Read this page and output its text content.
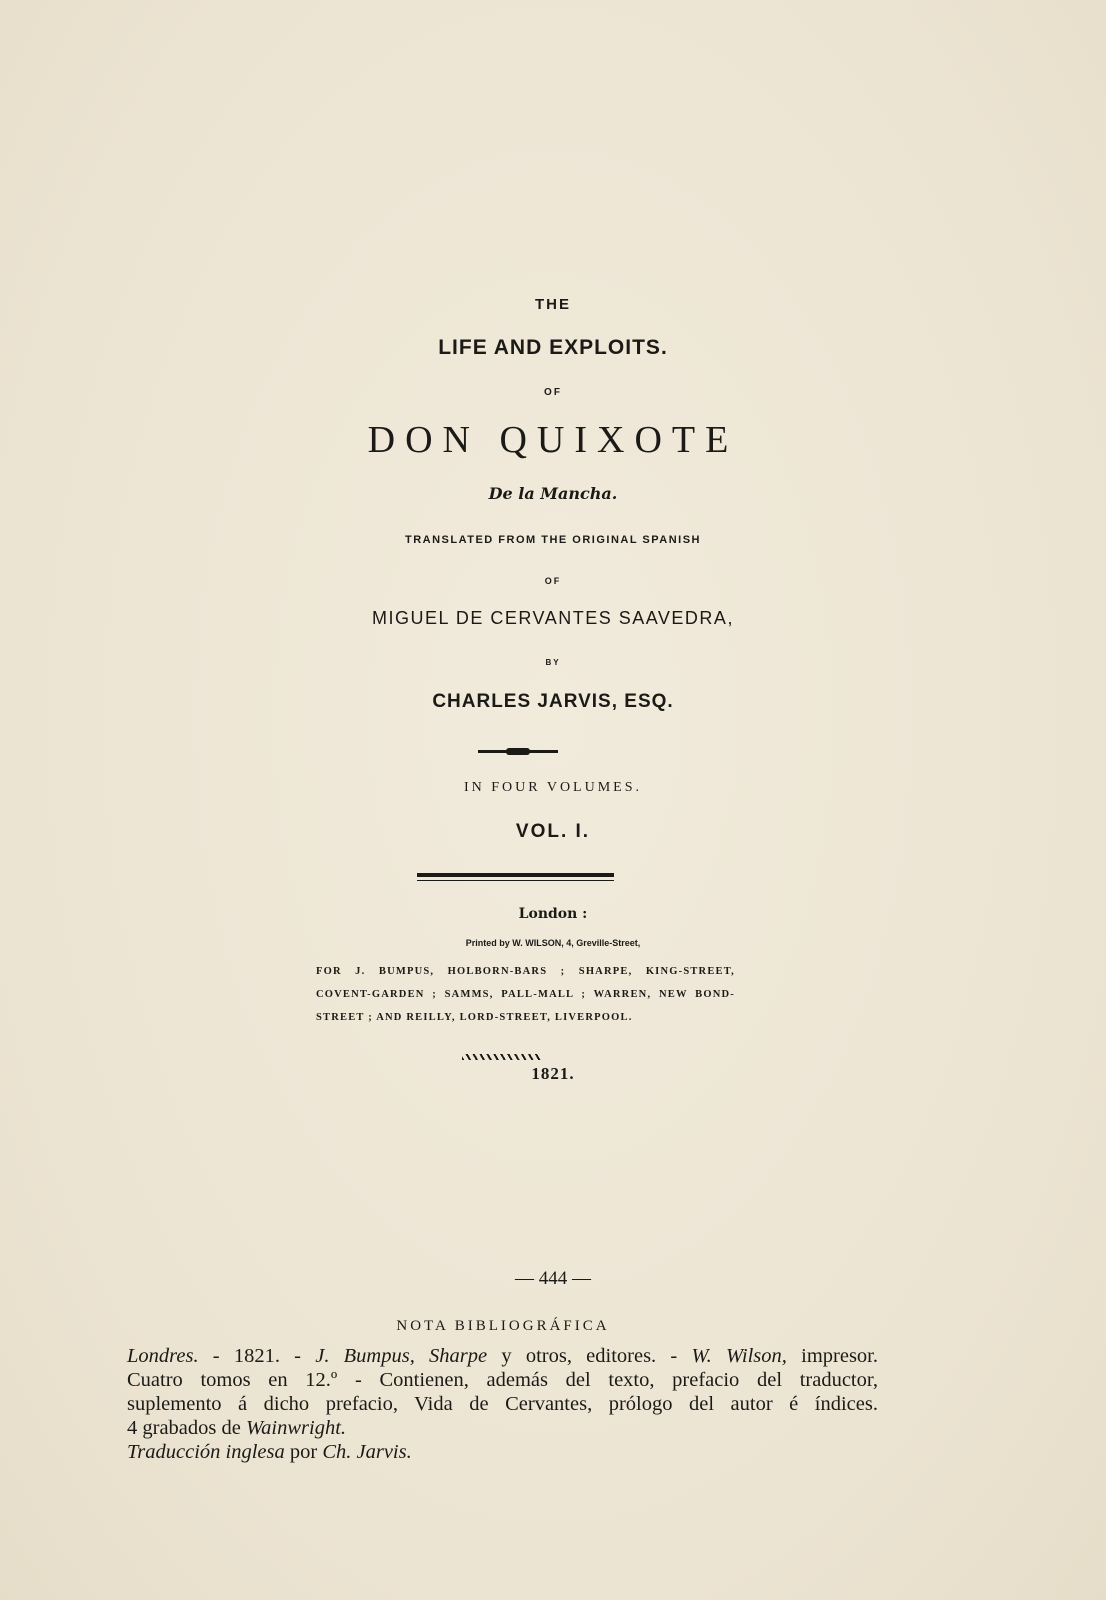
THE
LIFE AND EXPLOITS.
OF
DON QUIXOTE
De la Mancha.
TRANSLATED FROM THE ORIGINAL SPANISH
OF
MIGUEL DE CERVANTES SAAVEDRA,
BY
CHARLES JARVIS, ESQ.
IN FOUR VOLUMES.
VOL. I.
London :
Printed by W. WILSON, 4, Greville-Street,
FOR J. BUMPUS, HOLBORN-BARS ; SHARPE, KING-STREET, COVENT-GARDEN ; SAMMS, PALL-MALL ; WARREN, NEW BOND-STREET ; AND REILLY, LORD-STREET, LIVERPOOL.
1821.
— 444 —
NOTA BIBLIOGRÁFICA

Londres. - 1821. - J. Bumpus, Sharpe y otros, editores. - W. Wilson, impresor.

Cuatro tomos en 12.º - Contienen, además del texto, prefacio del traductor,

suplemento á dicho prefacio, Vida de Cervantes, prólogo del autor é índices.

4 grabados de Wainwright.

Traducción inglesa por Ch. Jarvis.
